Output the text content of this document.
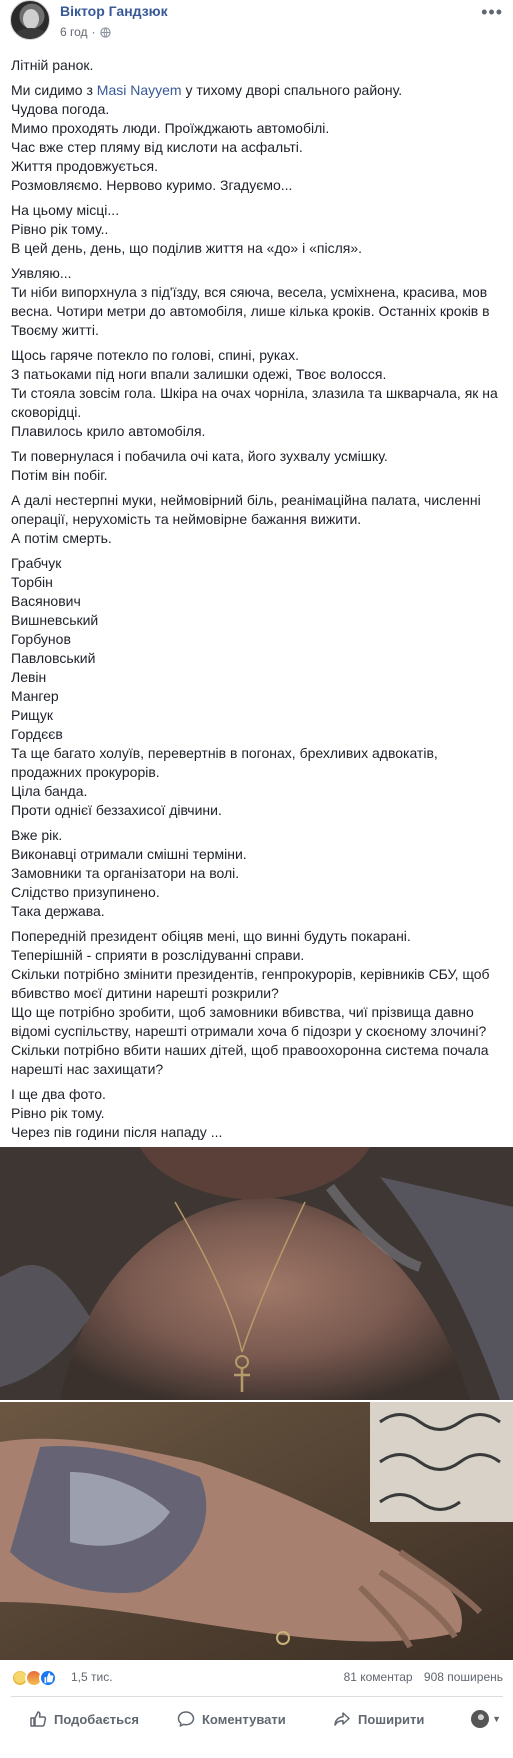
Віктор Гандзюк
6 год ·
•••
Літній ранок.
Ми сидимо з Masi Nayyem у тихому дворі спального району.
Чудова погода.
Мимо проходять люди. Проїжджають автомобілі.
Час вже стер пляму від кислоти на асфальті.
Життя продовжується.
Розмовляємо. Нервово куримо. Згадуємо...
На цьому місці...
Рівно рік тому..
В цей день, день, що поділив життя на «до» і «після».
Уявляю...
Ти ніби випорхнула з під'їзду, вся сяюча, весела, усміхнена, красива, мов
весна. Чотири метри до автомобіля, лише кілька кроків. Останніх кроків в
Твоєму житті.
Щось гаряче потекло по голові, спині, руках.
З патьоками під ноги впали залишки одежі, Твоє волосся.
Ти стояла зовсім гола. Шкіра на очах чорніла, злазила та шкварчала, як на
сковорідці.
Плавилось крило автомобіля.
Ти повернулася і побачила очі ката, його зухвалу усмішку.
Потім він побіг.
А далі нестерпні муки, неймовірний біль, реанімаційна палата, численні
операції, нерухомість та неймовірне бажання вижити.
А потім смерть.
Грабчук
Торбін
Васянович
Вишневський
Горбунов
Павловський
Левін
Мангер
Рищук
Гордєєв
Та ще багато холуїв, перевертнів в погонах, брехливих адвокатів,
продажних прокурорів.
Ціла банда.
Проти однієї беззахисої дівчини.
Вже рік.
Виконавці отримали смішні терміни.
Замовники та організатори на волі.
Слідство призупинено.
Така держава.
Попередній президент обіцяв мені, що винні будуть покарані.
Теперішній - сприяти в розслідуванні справи.
Скільки потрібно змінити президентів, генпрокурорів, керівників СБУ, щоб
вбивство моєї дитини нарешті розкрили?
Що ще потрібно зробити, щоб замовники вбивства, чиї прізвища давно
відомі суспільству, нарешті отримали хоча б підозри у скоєному злочині?
Скільки потрібно вбити наших дітей, щоб правоохоронна система почала
нарешті нас захищати?
І ще два фото.
Рівно рік тому.
Через пів години після нападу ...
1,5 тис.	81 коментар 908 поширень
Подобається	Коментувати	Поширити	▼
